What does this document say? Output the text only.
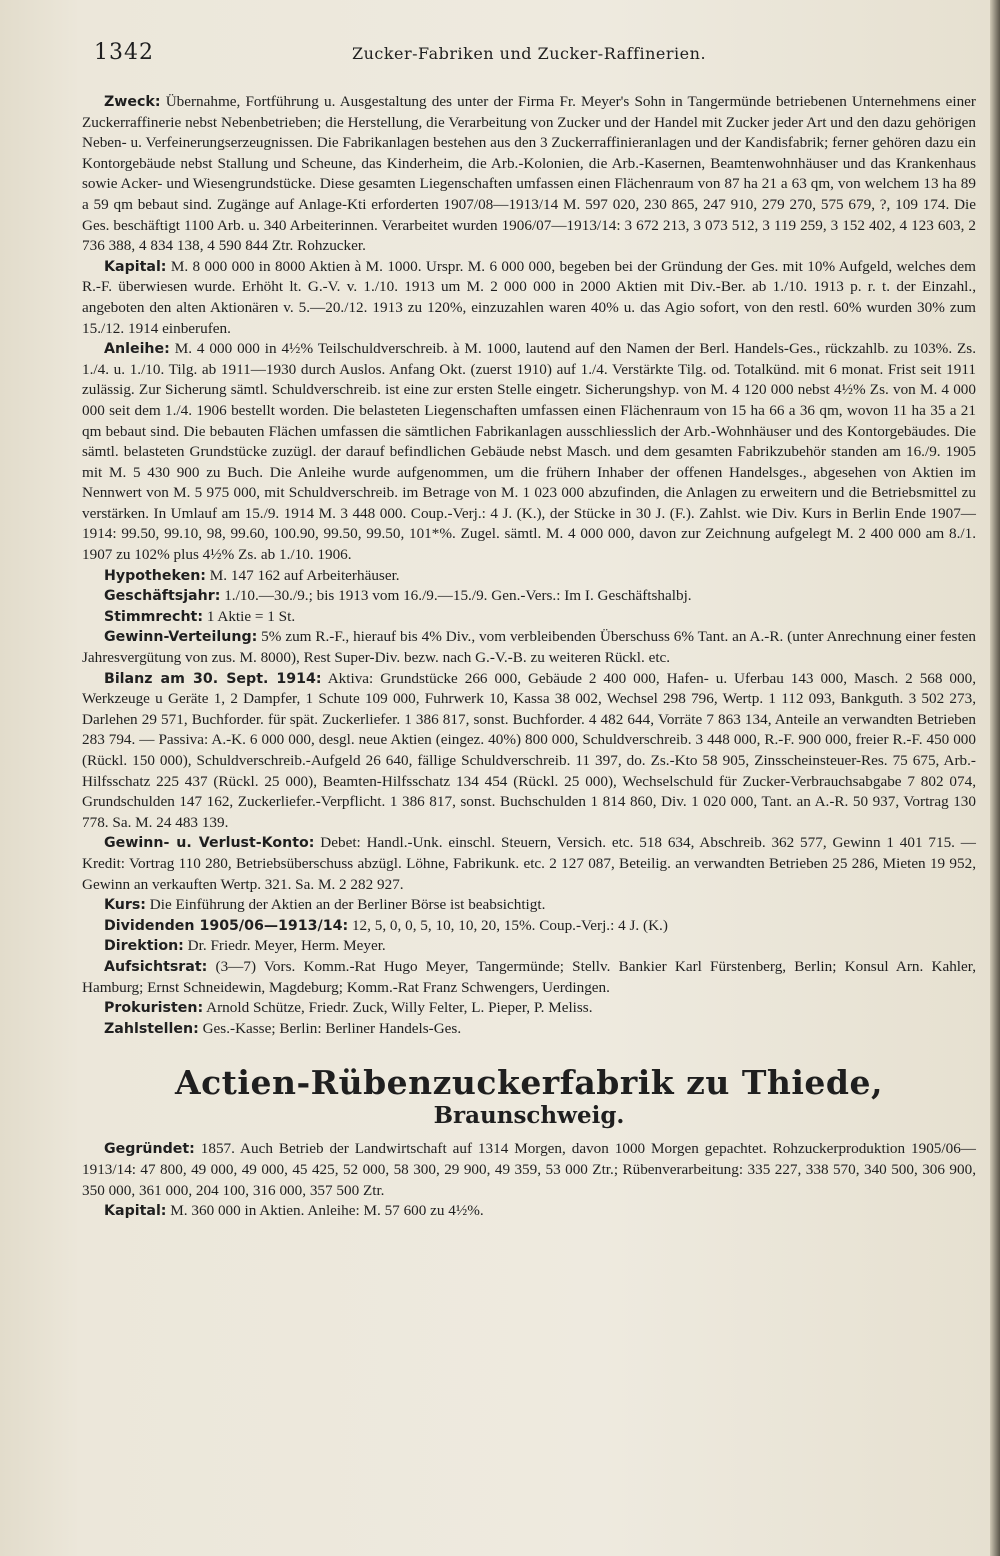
1342	Zucker-Fabriken und Zucker-Raffinerien.

Zweck: Übernahme, Fortführung u. Ausgestaltung des unter der Firma Fr. Meyer's Sohn in Tangermünde betriebenen Unternehmens einer Zuckerraffinerie nebst Nebenbetrieben; die Herstellung, die Verarbeitung von Zucker und der Handel mit Zucker jeder Art und den dazu gehörigen Neben- u. Verfeinerungserzeugnissen. Die Fabrikanlagen bestehen aus den 3 Zuckerraffinieranlagen und der Kandisfabrik; ferner gehören dazu ein Kontorgebäude nebst Stallung und Scheune, das Kinderheim, die Arb.-Kolonien, die Arb.-Kasernen, Beamtenwohnhäuser und das Krankenhaus sowie Acker- und Wiesengrundstücke. Diese gesamten Liegenschaften umfassen einen Flächenraum von 87 ha 21 a 63 qm, von welchem 13 ha 89 a 59 qm bebaut sind. Zugänge auf Anlage-Kti erforderten 1907/08—1913/14 M. 597 020, 230 865, 247 910, 279 270, 575 679, ?, 109 174. Die Ges. beschäftigt 1100 Arb. u. 340 Arbeiterinnen. Verarbeitet wurden 1906/07—1913/14: 3 672 213, 3 073 512, 3 119 259, 3 152 402, 4 123 603, 2 736 388, 4 834 138, 4 590 844 Ztr. Rohzucker.

Kapital: M. 8 000 000 in 8000 Aktien à M. 1000. Urspr. M. 6 000 000, begeben bei der Gründung der Ges. mit 10% Aufgeld, welches dem R.-F. überwiesen wurde. Erhöht lt. G.-V. v. 1./10. 1913 um M. 2 000 000 in 2000 Aktien mit Div.-Ber. ab 1./10. 1913 p. r. t. der Einzahl., angeboten den alten Aktionären v. 5.—20./12. 1913 zu 120%, einzuzahlen waren 40% u. das Agio sofort, von den restl. 60% wurden 30% zum 15./12. 1914 einberufen.

Anleihe: M. 4 000 000 in 4½% Teilschuldverschreib. à M. 1000, lautend auf den Namen der Berl. Handels-Ges., rückzahlb. zu 103%. Zs. 1./4. u. 1./10. Tilg. ab 1911—1930 durch Auslos. Anfang Okt. (zuerst 1910) auf 1./4. Verstärkte Tilg. od. Totalkünd. mit 6 monat. Frist seit 1911 zulässig. Zur Sicherung sämtl. Schuldverschreib. ist eine zur ersten Stelle eingetr. Sicherungshyp. von M. 4 120 000 nebst 4½% Zs. von M. 4 000 000 seit dem 1./4. 1906 bestellt worden. Die belasteten Liegenschaften umfassen einen Flächenraum von 15 ha 66 a 36 qm, wovon 11 ha 35 a 21 qm bebaut sind. Die bebauten Flächen umfassen die sämtlichen Fabrikanlagen ausschliesslich der Arb.-Wohnhäuser und des Kontorgebäudes. Die sämtl. belasteten Grundstücke zuzügl. der darauf befindlichen Gebäude nebst Masch. und dem gesamten Fabrikzubehör standen am 16./9. 1905 mit M. 5 430 900 zu Buch. Die Anleihe wurde aufgenommen, um die frühern Inhaber der offenen Handelsges., abgesehen von Aktien im Nennwert von M. 5 975 000, mit Schuldverschreib. im Betrage von M. 1 023 000 abzufinden, die Anlagen zu erweitern und die Betriebsmittel zu verstärken. In Umlauf am 15./9. 1914 M. 3 448 000. Coup.-Verj.: 4 J. (K.), der Stücke in 30 J. (F.). Zahlst. wie Div. Kurs in Berlin Ende 1907—1914: 99.50, 99.10, 98, 99.60, 100.90, 99.50, 99.50, 101*%. Zugel. sämtl. M. 4 000 000, davon zur Zeichnung aufgelegt M. 2 400 000 am 8./1. 1907 zu 102% plus 4½% Zs. ab 1./10. 1906.

Hypotheken: M. 147 162 auf Arbeiterhäuser.

Geschäftsjahr: 1./10.—30./9.; bis 1913 vom 16./9.—15./9. Gen.-Vers.: Im I. Geschäftshalbj.

Stimmrecht: 1 Aktie = 1 St.

Gewinn-Verteilung: 5% zum R.-F., hierauf bis 4% Div., vom verbleibenden Überschuss 6% Tant. an A.-R. (unter Anrechnung einer festen Jahresvergütung von zus. M. 8000), Rest Super-Div. bezw. nach G.-V.-B. zu weiteren Rückl. etc.

Bilanz am 30. Sept. 1914: Aktiva: Grundstücke 266 000, Gebäude 2 400 000, Hafen- u. Uferbau 143 000, Masch. 2 568 000, Werkzeuge u Geräte 1, 2 Dampfer, 1 Schute 109 000, Fuhrwerk 10, Kassa 38 002, Wechsel 298 796, Wertp. 1 112 093, Bankguth. 3 502 273, Darlehen 29 571, Buchforder. für spät. Zuckerliefer. 1 386 817, sonst. Buchforder. 4 482 644, Vorräte 7 863 134, Anteile an verwandten Betrieben 283 794. — Passiva: A.-K. 6 000 000, desgl. neue Aktien (eingez. 40%) 800 000, Schuldverschreib. 3 448 000, R.-F. 900 000, freier R.-F. 450 000 (Rückl. 150 000), Schuldverschreib.-Aufgeld 26 640, fällige Schuldverschreib. 11 397, do. Zs.-Kto 58 905, Zinsscheinsteuer-Res. 75 675, Arb.-Hilfsschatz 225 437 (Rückl. 25 000), Beamten-Hilfsschatz 134 454 (Rückl. 25 000), Wechselschuld für Zucker-Verbrauchsabgabe 7 802 074, Grundschulden 147 162, Zuckerliefer.-Verpflicht. 1 386 817, sonst. Buchschulden 1 814 860, Div. 1 020 000, Tant. an A.-R. 50 937, Vortrag 130 778. Sa. M. 24 483 139.

Gewinn- u. Verlust-Konto: Debet: Handl.-Unk. einschl. Steuern, Versich. etc. 518 634, Abschreib. 362 577, Gewinn 1 401 715. — Kredit: Vortrag 110 280, Betriebsüberschuss abzügl. Löhne, Fabrikunk. etc. 2 127 087, Beteilig. an verwandten Betrieben 25 286, Mieten 19 952, Gewinn an verkauften Wertp. 321. Sa. M. 2 282 927.

Kurs: Die Einführung der Aktien an der Berliner Börse ist beabsichtigt.

Dividenden 1905/06—1913/14: 12, 5, 0, 0, 5, 10, 10, 20, 15%. Coup.-Verj.: 4 J. (K.)

Direktion: Dr. Friedr. Meyer, Herm. Meyer.

Aufsichtsrat: (3—7) Vors. Komm.-Rat Hugo Meyer, Tangermünde; Stellv. Bankier Karl Fürstenberg, Berlin; Konsul Arn. Kahler, Hamburg; Ernst Schneidewin, Magdeburg; Komm.-Rat Franz Schwengers, Uerdingen.

Prokuristen: Arnold Schütze, Friedr. Zuck, Willy Felter, L. Pieper, P. Meliss.

Zahlstellen: Ges.-Kasse; Berlin: Berliner Handels-Ges.

Actien-Rübenzuckerfabrik zu Thiede, Braunschweig.

Gegründet: 1857. Auch Betrieb der Landwirtschaft auf 1314 Morgen, davon 1000 Morgen gepachtet. Rohzuckerproduktion 1905/06—1913/14: 47 800, 49 000, 49 000, 45 425, 52 000, 58 300, 29 900, 49 359, 53 000 Ztr.; Rübenverarbeitung: 335 227, 338 570, 340 500, 306 900, 350 000, 361 000, 204 100, 316 000, 357 500 Ztr.

Kapital: M. 360 000 in Aktien. Anleihe: M. 57 600 zu 4½%.
